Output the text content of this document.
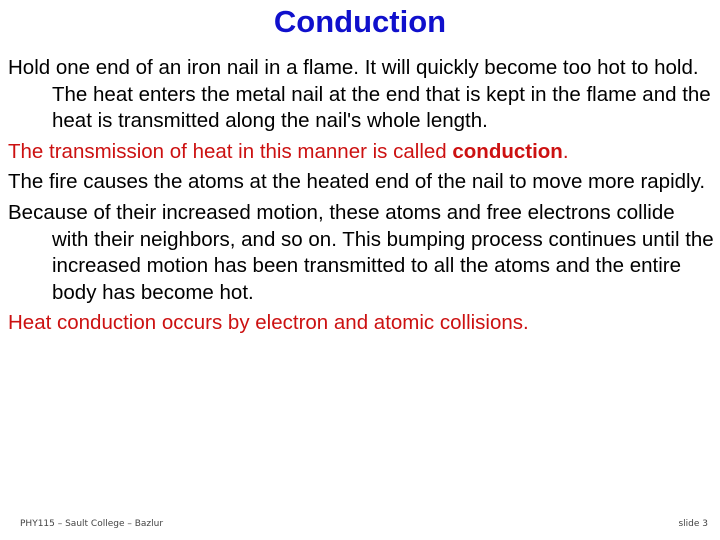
Conduction

Hold one end of an iron nail in a flame. It will quickly become too hot to hold. The heat enters the metal nail at the end that is kept in the flame and the heat is transmitted along the nail's whole length.

The transmission of heat in this manner is called conduction.

The fire causes the atoms at the heated end of the nail to move more rapidly.

Because of their increased motion, these atoms and free electrons collide with their neighbors, and so on. This bumping process continues until the increased motion has been transmitted to all the atoms and the entire body has become hot.

Heat conduction occurs by electron and atomic collisions.

PHY115 – Sault College – Bazlur	slide 3
